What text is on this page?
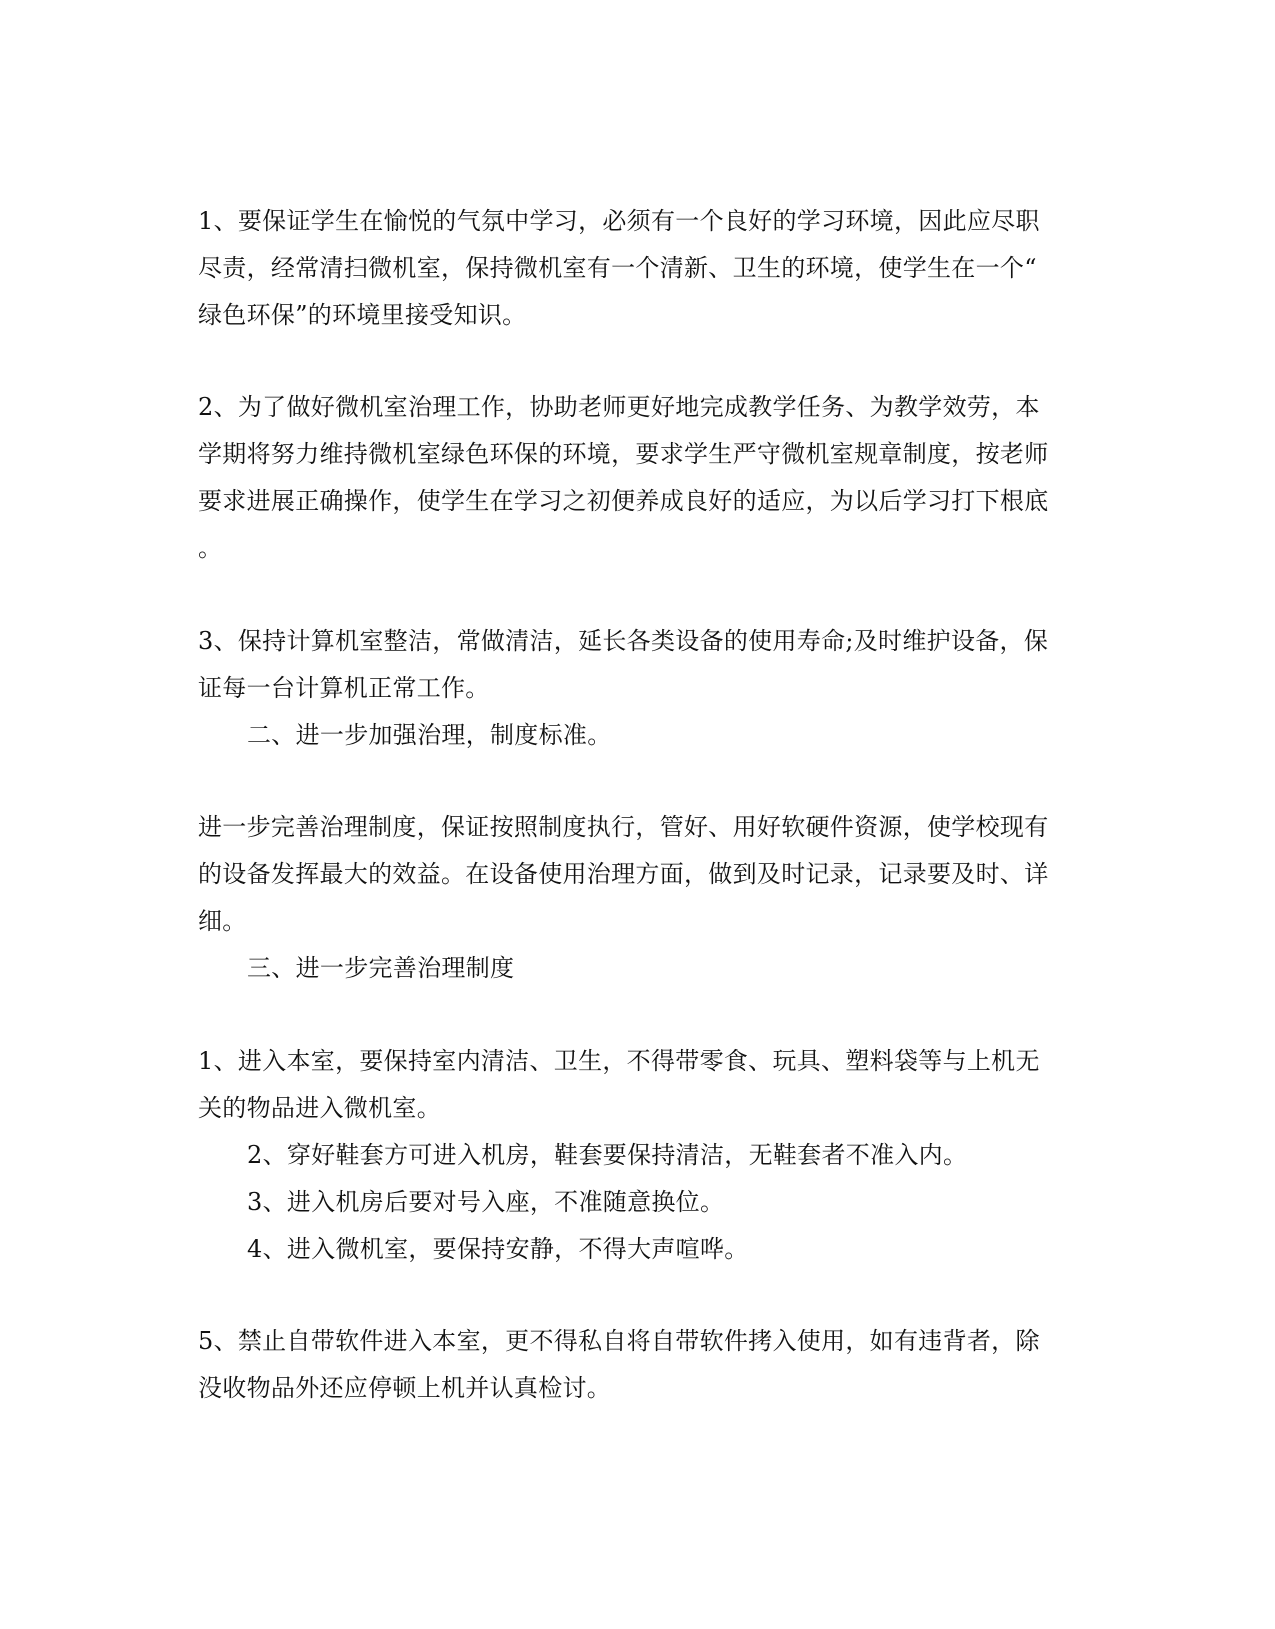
1、要保证学生在愉悦的气氛中学习，必须有一个良好的学习环境，因此应尽职
尽责，经常清扫微机室，保持微机室有一个清新、卫生的环境，使学生在一个“
绿色环保”的环境里接受知识。
2、为了做好微机室治理工作，协助老师更好地完成教学任务、为教学效劳，本
学期将努力维持微机室绿色环保的环境，要求学生严守微机室规章制度，按老师
要求进展正确操作，使学生在学习之初便养成良好的适应，为以后学习打下根底
。
3、保持计算机室整洁，常做清洁，延长各类设备的使用寿命;及时维护设备，保
证每一台计算机正常工作。
二、进一步加强治理，制度标准。
进一步完善治理制度，保证按照制度执行，管好、用好软硬件资源，使学校现有
的设备发挥最大的效益。在设备使用治理方面，做到及时记录，记录要及时、详
细。
三、进一步完善治理制度
1、进入本室，要保持室内清洁、卫生，不得带零食、玩具、塑料袋等与上机无
关的物品进入微机室。
2、穿好鞋套方可进入机房，鞋套要保持清洁，无鞋套者不准入内。
3、进入机房后要对号入座，不准随意换位。
4、进入微机室，要保持安静，不得大声喧哗。
5、禁止自带软件进入本室，更不得私自将自带软件拷入使用，如有违背者，除
没收物品外还应停顿上机并认真检讨。
